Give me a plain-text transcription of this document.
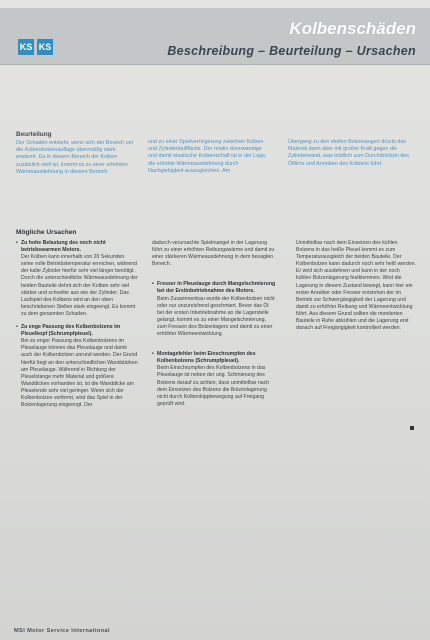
KS KS
Kolbenschäden
Beschreibung – Beurteilung – Ursachen
Beurteilung

Der Schaden entsteht, wenn sich der Bereich um die Kolbenbolzenauflage übermäßig stark erwärmt. Da in diesem Bereich der Kolben zusätzlich steif ist, kommt es zu einer erhöhten Wärmeausdehnung in diesem Bereich

und zu einer Spielverringerung zwischen Kolben und Zylinderlauffläche. Der relativ dünnwandige und damit elastische Kolbenschaft ist in der Lage, die erhöhte Wärmeausdehnung durch Nachgiebigkeit auszugleichen. Am

Übergang zu den steifen Bolzenaugen drückt das Material dann aber mit großer Kraft gegen die Zylinderwand, was letztlich zum Durchdrücken des Ölfilms und Anreiben des Kolbens führt.

Mögliche Ursachen
• Zu hohe Belastung des noch nicht betriebswarmen Motors.

Der Kolben kann innerhalb von 20 Sekunden seine volle Betriebstemperatur erreichen, während der kalte Zylinder hierfür sehr viel länger benötigt. Durch die unterschiedliche Wärmeausdehnung der beiden Bauteile dehnt sich der Kolben sehr viel stärker und schneller aus wie der Zylinder. Das Laufspiel des Kolbens wird an den oben beschriebenen Stellen stark eingeengt. Es kommt zu dem genannten Schaden.

• Zu enge Passung des Kolbenbolzens im Pleuelkopf (Schrumpfpleuel).

Bei zu enger Passung des Kolbenbolzens im Pleuelauge können das Pleuelauge und damit auch der Kolbenbolzen unrund werden. Der Grund hierfür liegt an den unterschiedlichen Wandstärken am Pleuelauge. Während in Richtung der Pleuelstange mehr Material und größere Wanddicken vorhanden ist, ist die Wanddicke am Pleuelende sehr viel geringer. Wenn sich der Kolbenbolzen verformt, wird das Spiel in der Bolzenlagerung eingeengt. Der

dadurch verursachte Spielmangel in der Lagerung führt zu einer erhöhten Reibungswärme und damit zu einer stärkeren Wärmeausdehnung in dem besagten Bereich.

• Fresser in Pleuelauge durch Mangelschmierung bei der Erstinbetriebnahme des Motors.

Beim Zusammenbau wurde der Kolbenbolzen nicht oder nur unzureichend geschmiert. Bevor das Öl bei der ersten Inbetriebnahme an die Lagerstelle gelangt, kommt es zu einer Mangelschmierung, zum Fressen des Bolzenlagers und damit zu einer erhöhter Wärmeentwicklung.

• Montagefehler beim Einschrumpfen des Kolbenbolzens (Schrumpfpleuel).

Beim Einschrumpfen des Kolbenbolzens in das Pleuelauge ist neben der ung. Schmierung des Bolzens darauf zu achten, dass unmittelbar nach dem Einsetzen des Bolzens die Bolzenlagerung nicht durch Kolbenkippbewegung auf Freigang geprüft wird.

Unmittelbar nach dem Einsetzen des kühlen Bolzens in das heiße Pleuel kommt es zum Temperaturausgleich der beiden Bauteile. Der Kolbenbolzen kann dadurch noch sehr heiß werden. Er wird sich ausdehnen und kann in der noch kühlen Bolzenlagerung festklemmen. Wird die Lagerung in diesem Zustand bewegt, kann hier ein erster Anreiber oder Fresser entstehen der im Betrieb zur Schwergängigkeit der Lagerung und damit zu erhöhter Reibung und Wärmeentwicklung führt. Aus diesem Grund sollten die montierten Bauteile in Ruhe abkühlen und die Lagerung erst danach auf Freigängigkeit kontrolliert werden.

MSI Motor Service International
